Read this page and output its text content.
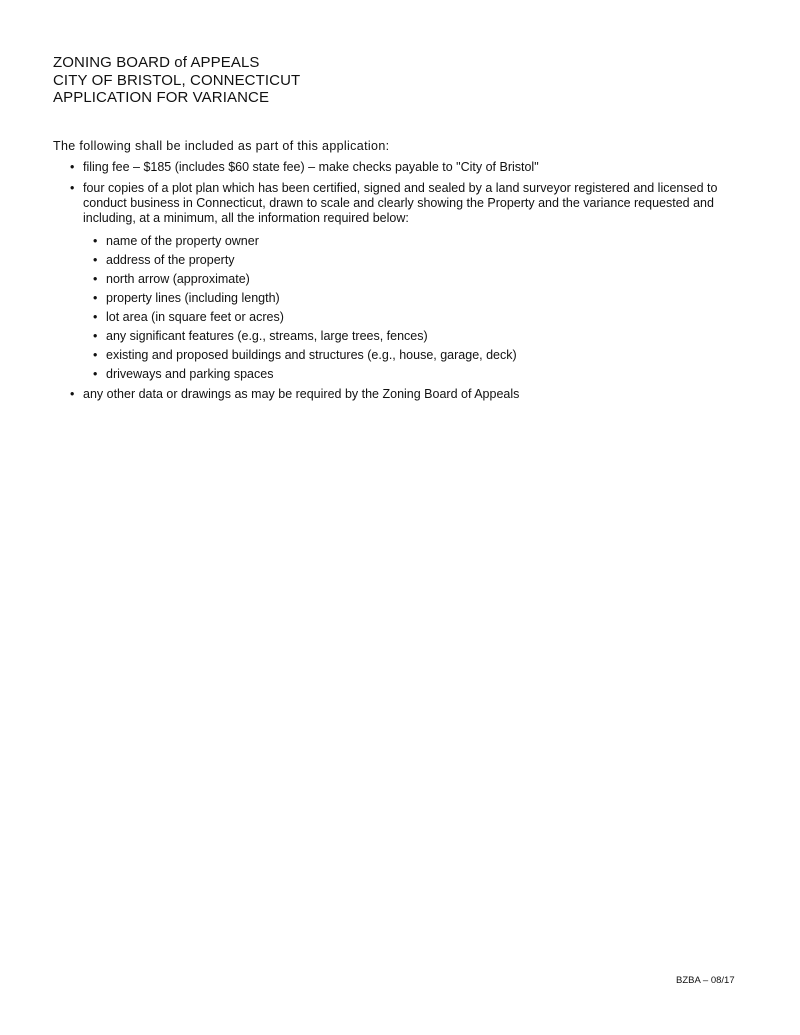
ZONING BOARD of APPEALS
CITY OF BRISTOL, CONNECTICUT
APPLICATION FOR VARIANCE
The following shall be included as part of this application:
• filing fee – $185 (includes $60 state fee) – make checks payable to "City of Bristol"
• four copies of a plot plan which has been certified, signed and sealed by a land surveyor registered and licensed to conduct business in Connecticut, drawn to scale and clearly showing the Property and the variance requested and including, at a minimum, all the information required below:
• name of the property owner
• address of the property
• north arrow (approximate)
• property lines (including length)
• lot area (in square feet or acres)
• any significant features (e.g., streams, large trees, fences)
• existing and proposed buildings and structures (e.g., house, garage, deck)
• driveways and parking spaces
• any other data or drawings as may be required by the Zoning Board of Appeals
BZBA – 08/17
